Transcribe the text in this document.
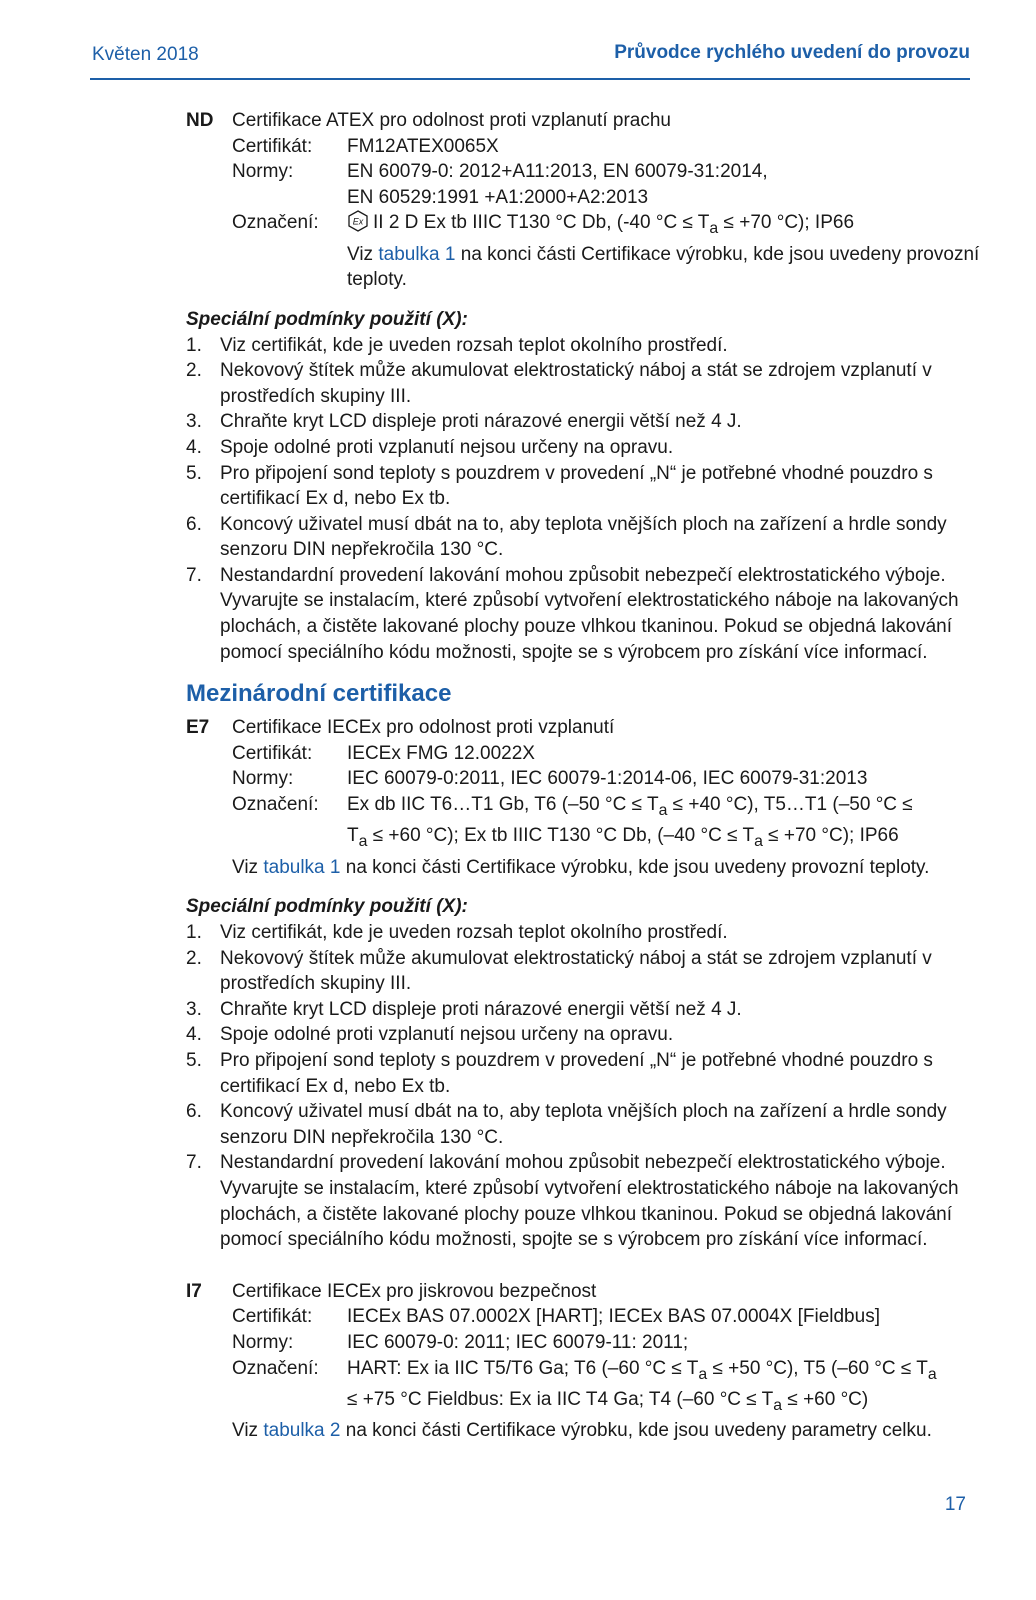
Květen 2018	Průvodce rychlého uvedení do provozu
ND Certifikace ATEX pro odolnost proti vzplanutí prachu
Certifikát:	FM12ATEX0065X
Normy:	EN 60079-0: 2012+A11:2013, EN 60079-31:2014,
EN 60529:1991 +A1:2000+A2:2013
Označení:	Ex II 2 D Ex tb IIIC T130 °C Db, (-40 $^\circ C \le T_a \le +70$ °C); IP66
Viz tabulka 1 na konci části Certifikace výrobku, kde jsou uvedeny provozní teploty.
Speciální podmínky použití (X):
1. Viz certifikát, kde je uveden rozsah teplot okolního prostředí.
2. Nekovový štítek může akumulovat elektrostatický náboj a stát se zdrojem vzplanutí v prostředích skupiny III.
3. Chraňte kryt LCD displeje proti nárazové energii větší než 4 J.
4. Spoje odolné proti vzplanutí nejsou určeny na opravu.
5. Pro připojení sond teploty s pouzdrem v provedení „N“ je potřebné vhodné pouzdro s certifikací Ex d, nebo Ex tb.
6. Koncový uživatel musí dbát na to, aby teplota vnějších ploch na zařízení a hrdle sondy senzoru DIN nepřekročila 130 °C.
7. Nestandardní provedení lakování mohou způsobit nebezpečí elektrostatického výboje. Vyvarujte se instalacím, které způsobí vytvoření elektrostatického náboje na lakovaných plochách, a čistěte lakované plochy pouze vlhkou tkaninou. Pokud se objedná lakování pomocí speciálního kódu možnosti, spojte se s výrobcem pro získání více informací.
Mezinárodní certifikace
E7	Certifikace IECEx pro odolnost proti vzplanutí
Certifikát:	IECEx FMG 12.0022X
Normy:	IEC 60079-0:2011, IEC 60079-1:2014-06, IEC 60079-31:2013
Označení:	Ex db IIC T6…T1 Gb, T6 (–50 $^\circ C \le T_a \le +40$ °C), T5…T1 (–50 °C ≤
$T_a \le +60$ °C); Ex tb IIIC T130 °C Db, (–40 $^\circ C \le T_a \le +70$ °C); IP66
Viz tabulka 1 na konci části Certifikace výrobku, kde jsou uvedeny provozní teploty.
Speciální podmínky použití (X):
1. Viz certifikát, kde je uveden rozsah teplot okolního prostředí.
2. Nekovový štítek může akumulovat elektrostatický náboj a stát se zdrojem vzplanutí v prostředích skupiny III.
3. Chraňte kryt LCD displeje proti nárazové energii větší než 4 J.
4. Spoje odolné proti vzplanutí nejsou určeny na opravu.
5. Pro připojení sond teploty s pouzdrem v provedení „N“ je potřebné vhodné pouzdro s certifikací Ex d, nebo Ex tb.
6. Koncový uživatel musí dbát na to, aby teplota vnějších ploch na zařízení a hrdle sondy senzoru DIN nepřekročila 130 °C.
7. Nestandardní provedení lakování mohou způsobit nebezpečí elektrostatického výboje. Vyvarujte se instalacím, které způsobí vytvoření elektrostatického náboje na lakovaných plochách, a čistěte lakované plochy pouze vlhkou tkaninou. Pokud se objedná lakování pomocí speciálního kódu možnosti, spojte se s výrobcem pro získání více informací.
I7	Certifikace IECEx pro jiskrovou bezpečnost
Certifikát:	IECEx BAS 07.0002X [HART]; IECEx BAS 07.0004X [Fieldbus]
Normy:	IEC 60079-0: 2011; IEC 60079-11: 2011;
Označení:	HART: Ex ia IIC T5/T6 Ga; T6 (–60 $^\circ C \le T_a \le +50$ °C), T5 (–60 $^\circ C \le T_a$
≤ +75 °C Fieldbus: Ex ia IIC T4 Ga; T4 (–60 $^\circ C \le T_a \le +60$ °C)
Viz tabulka 2 na konci části Certifikace výrobku, kde jsou uvedeny parametry celku.
17
